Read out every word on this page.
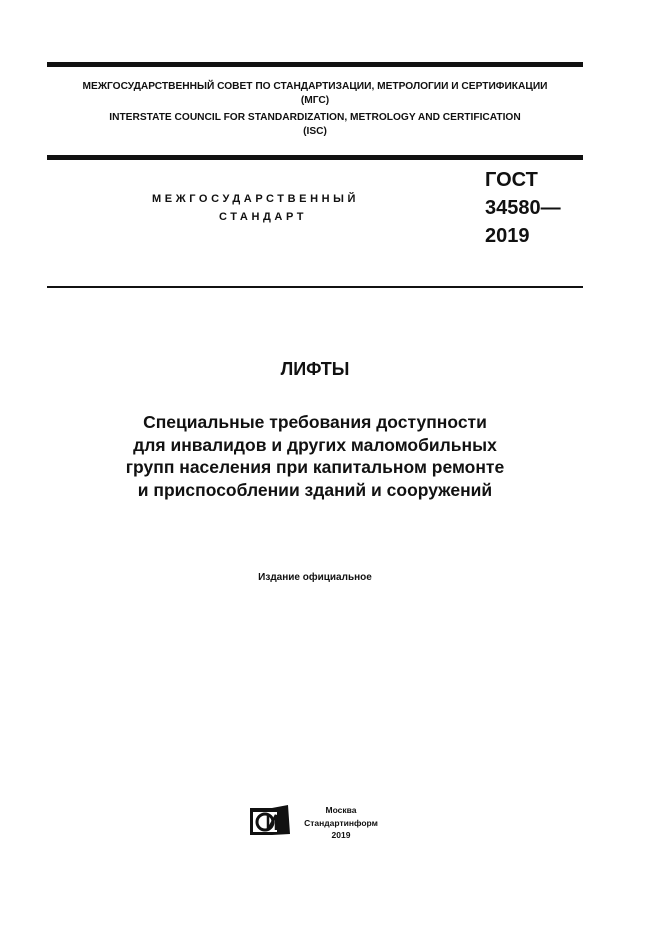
МЕЖГОСУДАРСТВЕННЫЙ СОВЕТ ПО СТАНДАРТИЗАЦИИ, МЕТРОЛОГИИ И СЕРТИФИКАЦИИ
(МГС)
INTERSTATE COUNCIL FOR STANDARDIZATION, METROLOGY AND CERTIFICATION
(ISC)
МЕЖГОСУДАРСТВЕННЫЙ
СТАНДАРТ
ГОСТ
34580—
2019
ЛИФТЫ
Специальные требования доступности
для инвалидов и других маломобильных
групп населения при капитальном ремонте
и приспособлении зданий и сооружений
Издание официальное
Москва
Стандартинформ
2019
